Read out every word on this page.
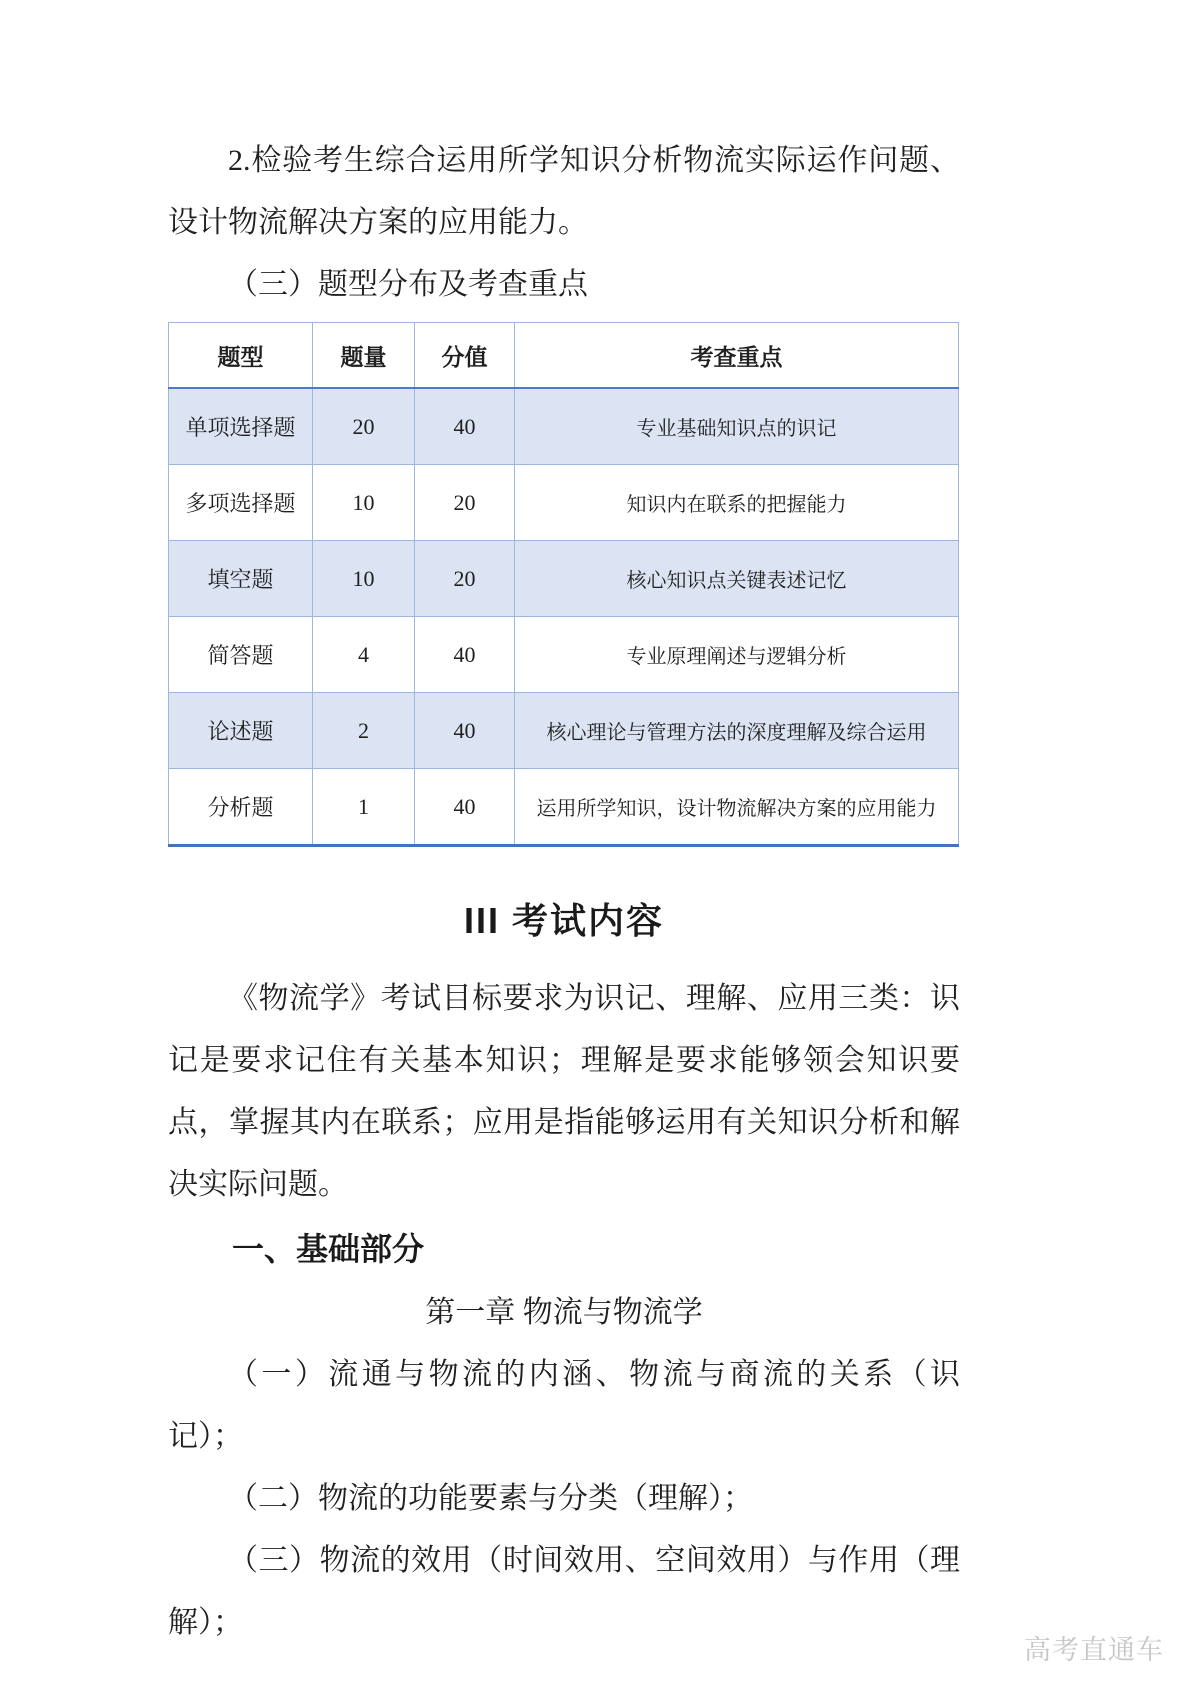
2.检验考生综合运用所学知识分析物流实际运作问题、设计物流解决方案的应用能力。

（三）题型分布及考查重点

题型	题量	分值	考查重点
单项选择题	20	40	专业基础知识点的识记
多项选择题	10	20	知识内在联系的把握能力
填空题	10	20	核心知识点关键表述记忆
简答题	4	40	专业原理阐述与逻辑分析
论述题	2	40	核心理论与管理方法的深度理解及综合运用
分析题	1	40	运用所学知识，设计物流解决方案的应用能力
III 考试内容

《物流学》考试目标要求为识记、理解、应用三类：识记是要求记住有关基本知识；理解是要求能够领会知识要点，掌握其内在联系；应用是指能够运用有关知识分析和解决实际问题。

一、基础部分

第一章 物流与物流学

（一）流通与物流的内涵、物流与商流的关系（识记）；

（二）物流的功能要素与分类（理解）；

（三）物流的效用（时间效用、空间效用）与作用（理解）；

高考直通车
